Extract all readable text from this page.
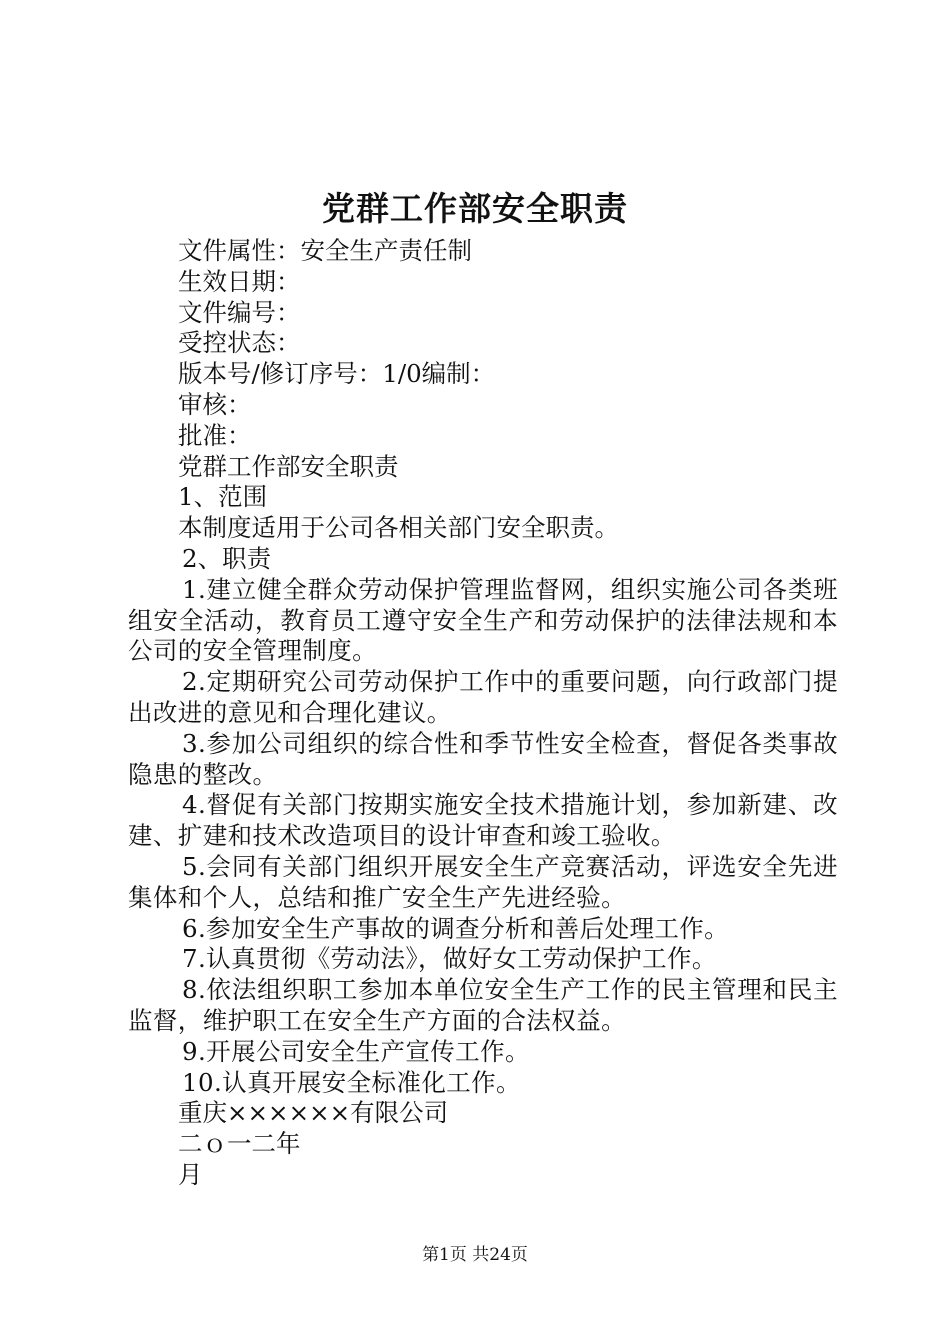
党群工作部安全职责
文件属性：安全生产责任制
生效日期：
文件编号：
受控状态：
版本号/修订序号：1/0编制：
审核：
批准：
党群工作部安全职责
1、范围
本制度适用于公司各相关部门安全职责。
2、职责
1.建立健全群众劳动保护管理监督网，组织实施公司各类班组安全活动，教育员工遵守安全生产和劳动保护的法律法规和本公司的安全管理制度。
2.定期研究公司劳动保护工作中的重要问题，向行政部门提出改进的意见和合理化建议。
3.参加公司组织的综合性和季节性安全检查，督促各类事故隐患的整改。
4.督促有关部门按期实施安全技术措施计划，参加新建、改建、扩建和技术改造项目的设计审查和竣工验收。
5.会同有关部门组织开展安全生产竞赛活动，评选安全先进集体和个人，总结和推广安全生产先进经验。
6.参加安全生产事故的调查分析和善后处理工作。
7.认真贯彻《劳动法》，做好女工劳动保护工作。
8.依法组织职工参加本单位安全生产工作的民主管理和民主监督，维护职工在安全生产方面的合法权益。
9.开展公司安全生产宣传工作。
10.认真开展安全标准化工作。
重庆××××××有限公司
二ｏ一二年
月
第1页 共24页
